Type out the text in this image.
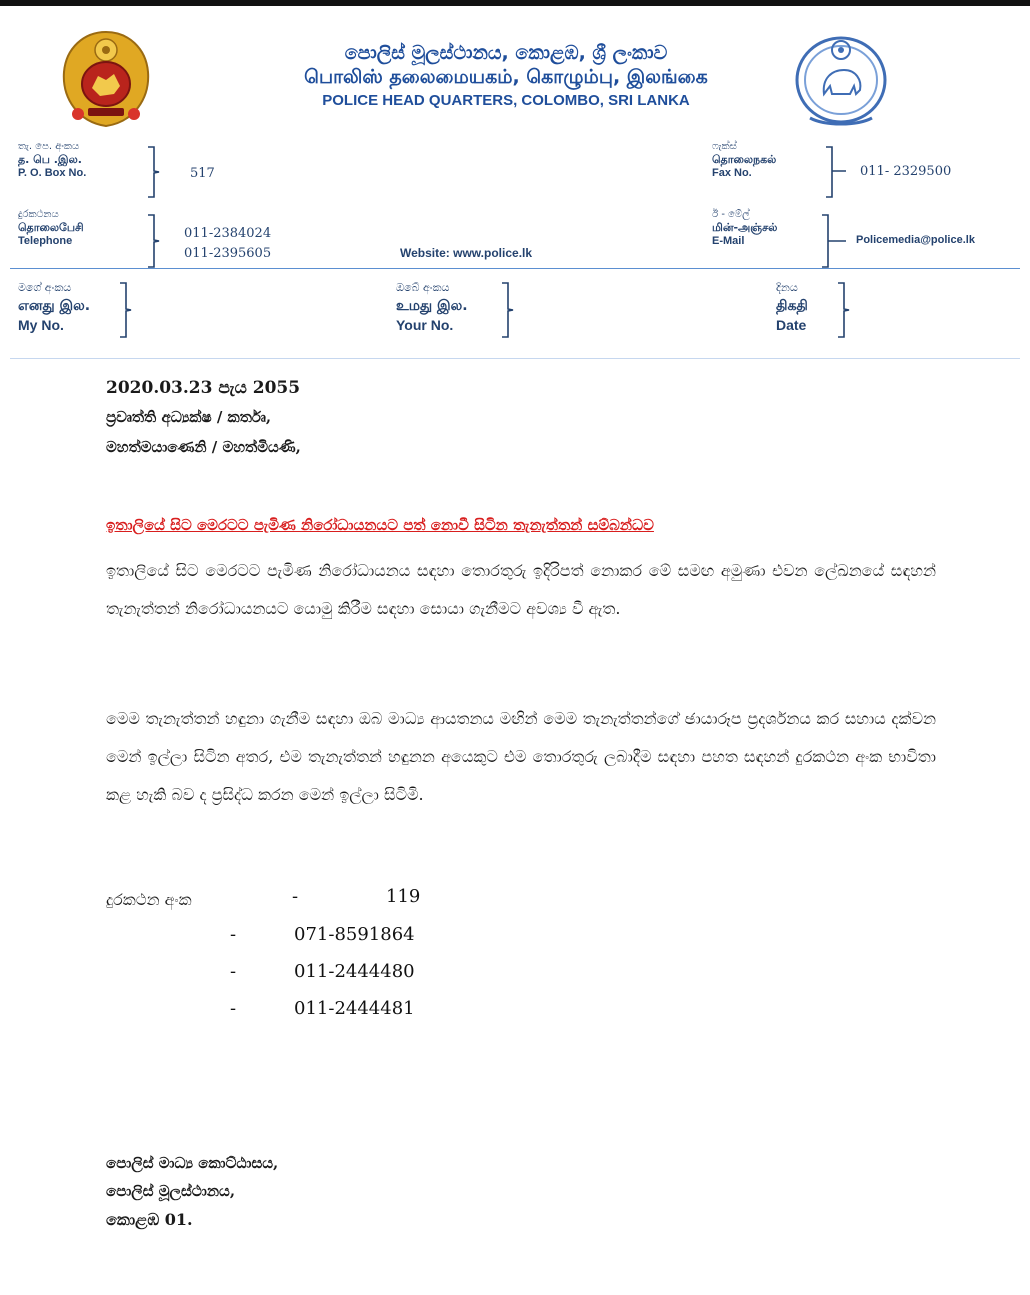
පොලිස් මූලස්ථානය, කොළඹ, ශ්‍රී ලංකාව
பொலிஸ் தலைமையகம், கொழும்பு, இலங்கை
POLICE HEAD QUARTERS, COLOMBO, SRI LANKA
තැ. පෙ. අංකය
த. பெ .இல.
P. O. Box No.	517
ෆැක්ස්
தொலைநகல்
Fax No.	011- 2329500
දුරකථනය
தொலைபேசி
Telephone	011-2384024
011-2395605	Website: www.police.lk
ඊ - මේල්
மின்-அஞ்சல்
E-Mail	Policemedia@police.lk
මගේ අංකය
எனது இல.
My No.
ඔබේ අංකය
உமது இல.
Your No.
දිනය
திகதி
Date
2020.03.23 පැය 2055
ප්‍රවෘත්ති අධ්‍යක්ෂ / කර්තෘ,
මහත්මයාණෙනි / මහත්මියණි,
ඉතාලියේ සිට මෙරටට පැමිණ නිරෝධායනයට පත් නොවී සිටින තැනැත්තන් සම්බන්ධව
ඉතාලියේ සිට මෙරටට පැමිණ නිරෝධායනය සඳහා තොරතුරු ඉදිරිපත් නොකර මේ සමඟ අමුණා එවන ලේඛනයේ සඳහන් තැනැත්තන් නිරෝධායනයට යොමු කිරීම සඳහා සොයා ගැනීමට අවශ්‍ය වී ඇත.
මෙම තැනැත්තන් හඳුනා ගැනීම සඳහා ඔබ මාධ්‍ය ආයතනය මඟින් මෙම තැනැත්තන්ගේ ඡායාරූප ප්‍රදර්ශනය කර සහාය දක්වන මෙන් ඉල්ලා සිටින අතර, එම තැනැත්තන් හඳුනන අයෙකුට එම තොරතුරු ලබාදීම සඳහා පහත සඳහන් දුරකථන අංක භාවිතා කළ හැකි බව ද ප්‍රසිද්ධ කරන මෙන් ඉල්ලා සිටිමි.
දුරකථන අංක	-	119
-	071-8591864
-	011-2444480
-	011-2444481
පොලිස් මාධ්‍ය කොට්ඨාසය,
පොලිස් මූලස්ථානය,
කොළඹ 01.
